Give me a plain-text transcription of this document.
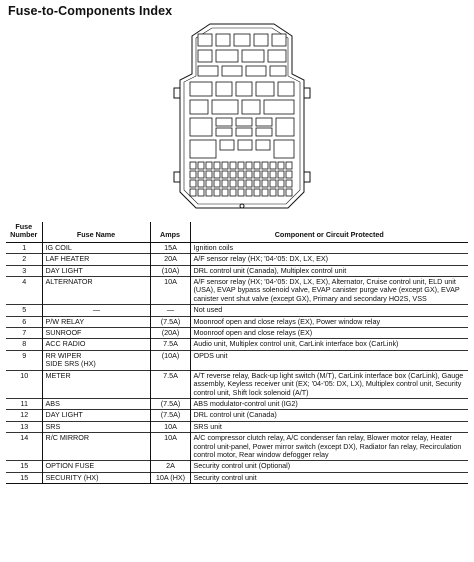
Fuse-to-Components Index
Fuse
Number	Fuse Name	Amps	Component or Circuit Protected
1	IG COIL	15A	Ignition coils
2	LAF HEATER	20A	A/F sensor relay (HX; '04-'05: DX, LX, EX)
3	DAY LIGHT	(10A)	DRL control unit (Canada), Multiplex control unit
4	ALTERNATOR	10A	A/F sensor relay (HX; '04-'05: DX, LX, EX), Alternator, Cruise control unit, ELD unit (USA), EVAP bypass solenoid valve, EVAP canister purge valve (except GX), EVAP canister vent shut valve (except GX), Primary and secondary HO2S, VSS
5	—	—	Not used
6	P/W RELAY	(7.5A)	Moonroof open and close relays (EX), Power window relay
7	SUNROOF	(20A)	Moonroof open and close relays (EX)
8	ACC RADIO	7.5A	Audio unit, Multiplex control unit, CarLink interface box (CarLink)
9	RR WIPER
SIDE SRS (HX)	(10A)	OPDS unit
10	METER	7.5A	A/T reverse relay, Back-up light switch (M/T), CarLink interface box (CarLink), Gauge assembly, Keyless receiver unit (EX; '04-'05: DX, LX), Multiplex control unit, Security control unit, Shift lock solenoid (A/T)
11	ABS	(7.5A)	ABS modulator-control unit (IG2)
12	DAY LIGHT	(7.5A)	DRL control unit (Canada)
13	SRS	10A	SRS unit
14	R/C MIRROR	10A	A/C compressor clutch relay, A/C condenser fan relay, Blower motor relay, Heater control unit-panel, Power mirror switch (except DX), Radiator fan relay, Recirculation control motor, Rear window defogger relay
15	OPTION FUSE	2A	Security control unit (Optional)
15	SECURITY (HX)	10A (HX)	Security control unit
